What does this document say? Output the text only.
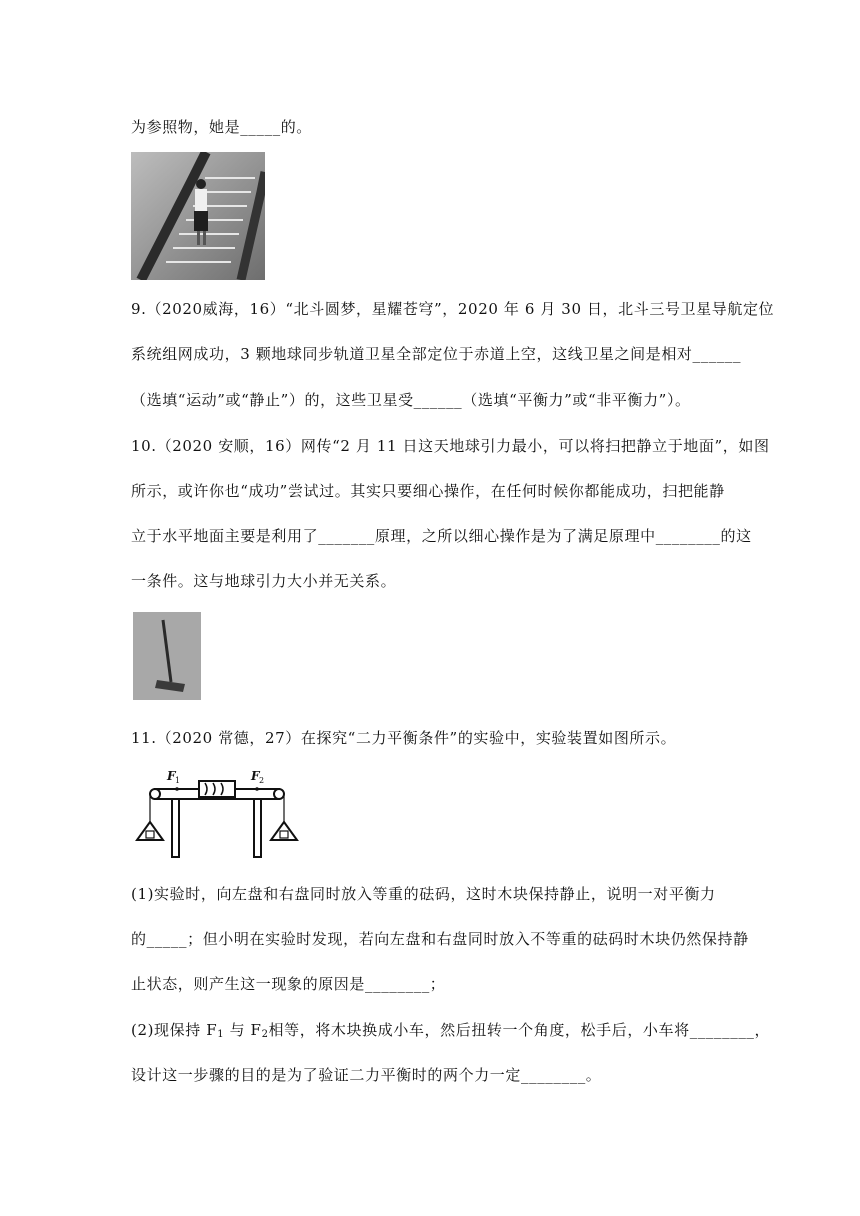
为参照物，她是_____的。
9.（2020威海，16）“北斗圆梦，星耀苍穹”，2020 年 6 月 30 日，北斗三号卫星导航定位
系统组网成功，3 颗地球同步轨道卫星全部定位于赤道上空，这线卫星之间是相对______
（选填“运动”或“静止”）的，这些卫星受______（选填“平衡力”或“非平衡力”）。
10.（2020 安顺，16）网传“2 月 11 日这天地球引力最小，可以将扫把静立于地面”，如图
所示，或许你也“成功”尝试过。其实只要细心操作，在任何时候你都能成功，扫把能静
立于水平地面主要是利用了_______原理，之所以细心操作是为了满足原理中________的这
一条件。这与地球引力大小并无关系。
11.（2020 常德，27）在探究“二力平衡条件”的实验中，实验装置如图所示。
F 1	F 2
(1)实验时，向左盘和右盘同时放入等重的砝码，这时木块保持静止，说明一对平衡力
的_____；但小明在实验时发现，若向左盘和右盘同时放入不等重的砝码时木块仍然保持静
止状态，则产生这一现象的原因是________；
(2)现保持 $F_1$ 与 $F_2$相等，将木块换成小车，然后扭转一个角度，松手后，小车将________，
设计这一步骤的目的是为了验证二力平衡时的两个力一定________。
